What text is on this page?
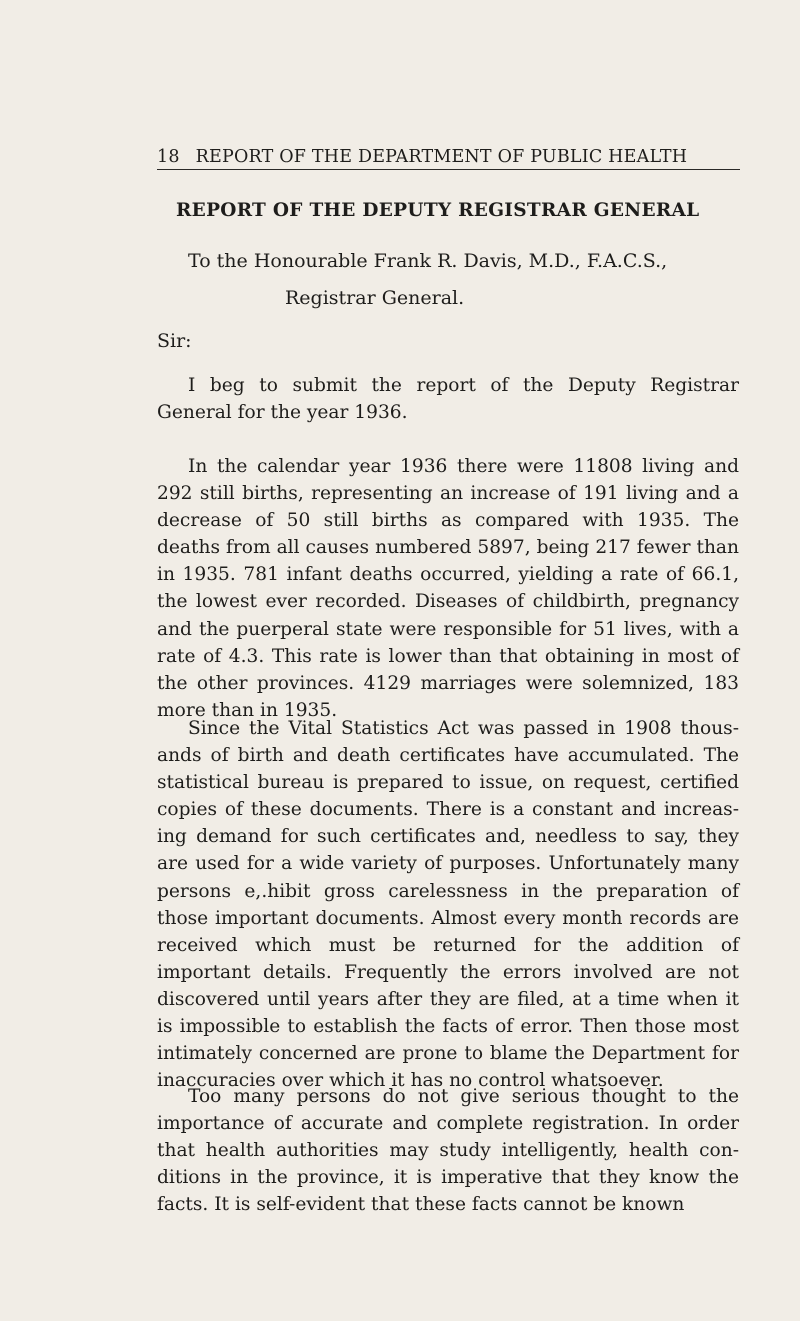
18 REPORT OF THE DEPARTMENT OF PUBLIC HEALTH
REPORT OF THE DEPUTY REGISTRAR GENERAL
To the Honourable Frank R. Davis, M.D., F.A.C.S.,
Registrar General.
Sir:

I beg to submit the report of the Deputy Registrar General for the year 1936.

In the calendar year 1936 there were 11808 living and 292 still births, representing an increase of 191 living and a decrease of 50 still births as compared with 1935. The deaths from all causes numbered 5897, being 217 fewer than in 1935. 781 infant deaths occurred, yielding a rate of 66.1, the lowest ever recorded. Diseases of childbirth, pregnancy and the puerperal state were responsible for 51 lives, with a rate of 4.3. This rate is lower than that obtaining in most of the other provinces. 4129 marriages were solemnized, 183 more than in 1935.

Since the Vital Statistics Act was passed in 1908 thous-ands of birth and death certificates have accumulated. The statistical bureau is prepared to issue, on request, certified copies of these documents. There is a constant and increas-ing demand for such certificates and, needless to say, they are used for a wide variety of purposes. Unfortunately many persons e,.hibit gross carelessness in the preparation of those important documents. Almost every month records are received which must be returned for the addition of important details. Frequently the errors involved are not discovered until years after they are filed, at a time when it is impossible to establish the facts of error. Then those most intimately concerned are prone to blame the Department for inaccuracies over which it has no control whatsoever.

Too many persons do not give serious thought to the importance of accurate and complete registration. In order that health authorities may study intelligently, health con-ditions in the province, it is imperative that they know the facts. It is self-evident that these facts cannot be known
